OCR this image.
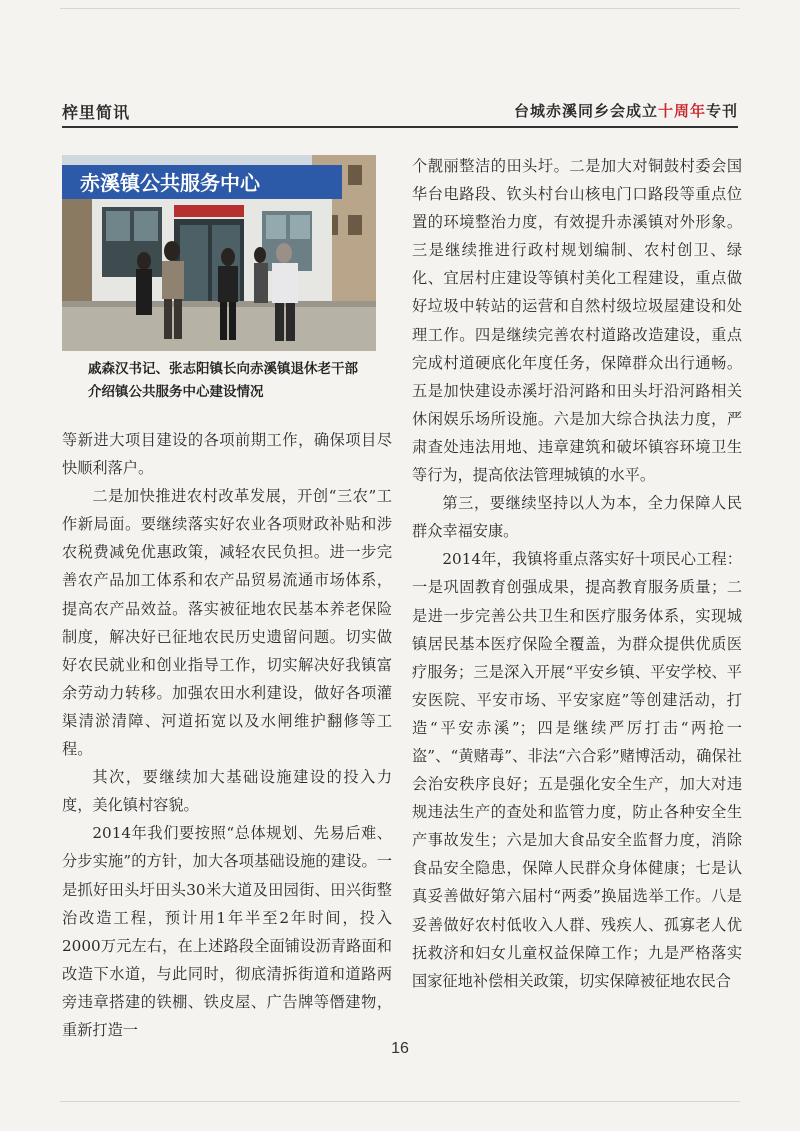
梓里简讯	台城赤溪同乡会成立十周年专刊
赤溪镇公共服务中心
戚森汉书记、张志阳镇长向赤溪镇退休老干部介绍镇公共服务中心建设情况

等新进大项目建设的各项前期工作，确保项目尽快顺利落户。

二是加快推进农村改革发展，开创“三农”工作新局面。要继续落实好农业各项财政补贴和涉农税费减免优惠政策，减轻农民负担。进一步完善农产品加工体系和农产品贸易流通市场体系，提高农产品效益。落实被征地农民基本养老保险制度，解决好已征地农民历史遗留问题。切实做好农民就业和创业指导工作，切实解决好我镇富余劳动力转移。加强农田水利建设，做好各项灌渠清淤清障、河道拓宽以及水闸维护翻修等工程。

其次，要继续加大基础设施建设的投入力度，美化镇村容貌。

2014年我们要按照“总体规划、先易后难、分步实施”的方针，加大各项基础设施的建设。一是抓好田头圩田头30米大道及田园街、田兴街整治改造工程，预计用1年半至2年时间，投入2000万元左右，在上述路段全面铺设沥青路面和改造下水道，与此同时，彻底清拆街道和道路两旁违章搭建的铁棚、铁皮屋、广告牌等僭建物，重新打造一

个靓丽整洁的田头圩。二是加大对铜鼓村委会国华台电路段、钦头村台山核电门口路段等重点位置的环境整治力度，有效提升赤溪镇对外形象。三是继续推进行政村规划编制、农村创卫、绿化、宜居村庄建设等镇村美化工程建设，重点做好垃圾中转站的运营和自然村级垃圾屋建设和处理工作。四是继续完善农村道路改造建设，重点完成村道硬底化年度任务，保障群众出行通畅。五是加快建设赤溪圩沿河路和田头圩沿河路相关休闲娱乐场所设施。六是加大综合执法力度，严肃查处违法用地、违章建筑和破坏镇容环境卫生等行为，提高依法管理城镇的水平。

第三，要继续坚持以人为本，全力保障人民群众幸福安康。

2014年，我镇将重点落实好十项民心工程：一是巩固教育创强成果，提高教育服务质量；二是进一步完善公共卫生和医疗服务体系，实现城镇居民基本医疗保险全覆盖，为群众提供优质医疗服务；三是深入开展“平安乡镇、平安学校、平安医院、平安市场、平安家庭”等创建活动，打造“平安赤溪”；四是继续严厉打击“两抢一盗”、“黄赌毒”、非法“六合彩”赌博活动，确保社会治安秩序良好；五是强化安全生产，加大对违规违法生产的查处和监管力度，防止各种安全生产事故发生；六是加大食品安全监督力度，消除食品安全隐患，保障人民群众身体健康；七是认真妥善做好第六届村“两委”换届选举工作。八是妥善做好农村低收入人群、残疾人、孤寡老人优抚救济和妇女儿童权益保障工作；九是严格落实国家征地补偿相关政策，切实保障被征地农民合

16
